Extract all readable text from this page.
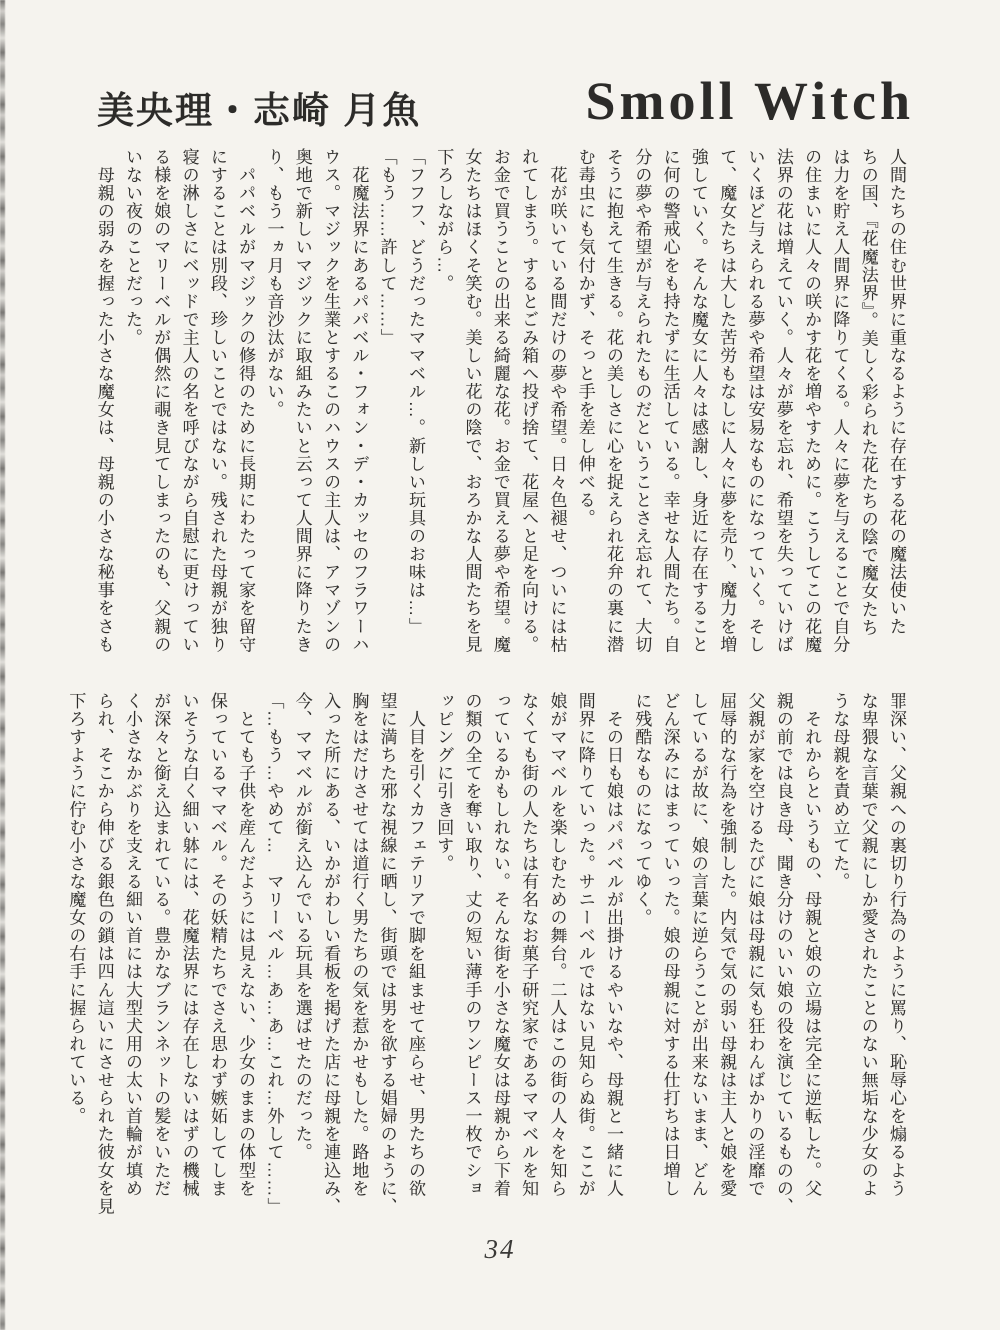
美央理・志崎 月魚	Smoll Witch
人間たちの住む世界に重なるように存在する花の魔法使いた
ちの国、『花魔法界』。美しく彩られた花たちの陰で魔女たち
は力を貯え人間界に降りてくる。人々に夢を与えることで自分
の住まいに人々の咲かす花を増やすために。こうしてこの花魔
法界の花は増えていく。人々が夢を忘れ、希望を失っていけば
いくほど与えられる夢や希望は安易なものになっていく。そし
て、魔女たちは大した苦労もなしに人々に夢を売り、魔力を増
強していく。そんな魔女に人々は感謝し、身近に存在すること
に何の警戒心をも持たずに生活している。幸せな人間たち。自
分の夢や希望が与えられたものだということさえ忘れて、大切
そうに抱えて生きる。花の美しさに心を捉えられ花弁の裏に潜
む毒虫にも気付かず、そっと手を差し伸べる。
　花が咲いている間だけの夢や希望。日々色褪せ、ついには枯
れてしまう。するとごみ箱へ投げ捨て、花屋へと足を向ける。
お金で買うことの出来る綺麗な花。お金で買える夢や希望。魔
女たちはほくそ笑む。美しい花の陰で、おろかな人間たちを見
下ろしながら…。
「フフフ、どうだったママベル…。新しい玩具のお味は…」
「もう……許して……」
　花魔法界にあるパパベル・フォン・デ・カッセのフラワーハ
ウス。マジックを生業とするこのハウスの主人は、アマゾンの
奥地で新しいマジックに取組みたいと云って人間界に降りたき
り、もう一ヵ月も音沙汰がない。
　パパベルがマジックの修得のために長期にわたって家を留守
にすることは別段、珍しいことではない。残された母親が独り
寝の淋しさにベッドで主人の名を呼びながら自慰に更けってい
る様を娘のマリーベルが偶然に覗き見てしまったのも、父親の
いない夜のことだった。
　母親の弱みを握った小さな魔女は、母親の小さな秘事をさも
罪深い、父親への裏切り行為のように罵り、恥辱心を煽るよう
な卑猥な言葉で父親にしか愛されたことのない無垢な少女のよ
うな母親を責め立てた。
　それからというもの、母親と娘の立場は完全に逆転した。父
親の前では良き母、聞き分けのいい娘の役を演じているものの、
父親が家を空けるたびに娘は母親に気も狂わんばかりの淫靡で
屈辱的な行為を強制した。内気で気の弱い母親は主人と娘を愛
しているが故に、娘の言葉に逆らうことが出来ないまま、どん
どん深みにはまっていった。娘の母親に対する仕打ちは日増し
に残酷なものになってゆく。
　その日も娘はパパベルが出掛けるやいなや、母親と一緒に人
間界に降りていった。サニーベルではない見知らぬ街。ここが
娘がママベルを楽しむための舞台。二人はこの街の人々を知ら
なくても街の人たちは有名なお菓子研究家であるママベルを知
っているかもしれない。そんな街を小さな魔女は母親から下着
の類の全てを奪い取り、丈の短い薄手のワンピース一枚でショ
ッピングに引き回す。
　人目を引くカフェテリアで脚を組ませて座らせ、男たちの欲
望に満ちた邪な視線に晒し、街頭では男を欲する娼婦のように、
胸をはだけさせては道行く男たちの気を惹かせもした。路地を
入った所にある、いかがわしい看板を掲げた店に母親を連込み、
今、ママベルが銜え込んでいる玩具を選ばせたのだった。
「…もう…やめて…　マリーベル…あ…あ…これ…外して……」
　とても子供を産んだようには見えない、少女のままの体型を
保っているママベル。その妖精たちでさえ思わず嫉妬してしま
いそうな白く細い躰には、花魔法界には存在しないはずの機械
が深々と銜え込まれている。豊かなブランネットの髪をいただ
く小さなかぶりを支える細い首には大型犬用の太い首輪が填め
られ、そこから伸びる銀色の鎖は四ん這いにさせられた彼女を見
下ろすように佇む小さな魔女の右手に握られている。
34
